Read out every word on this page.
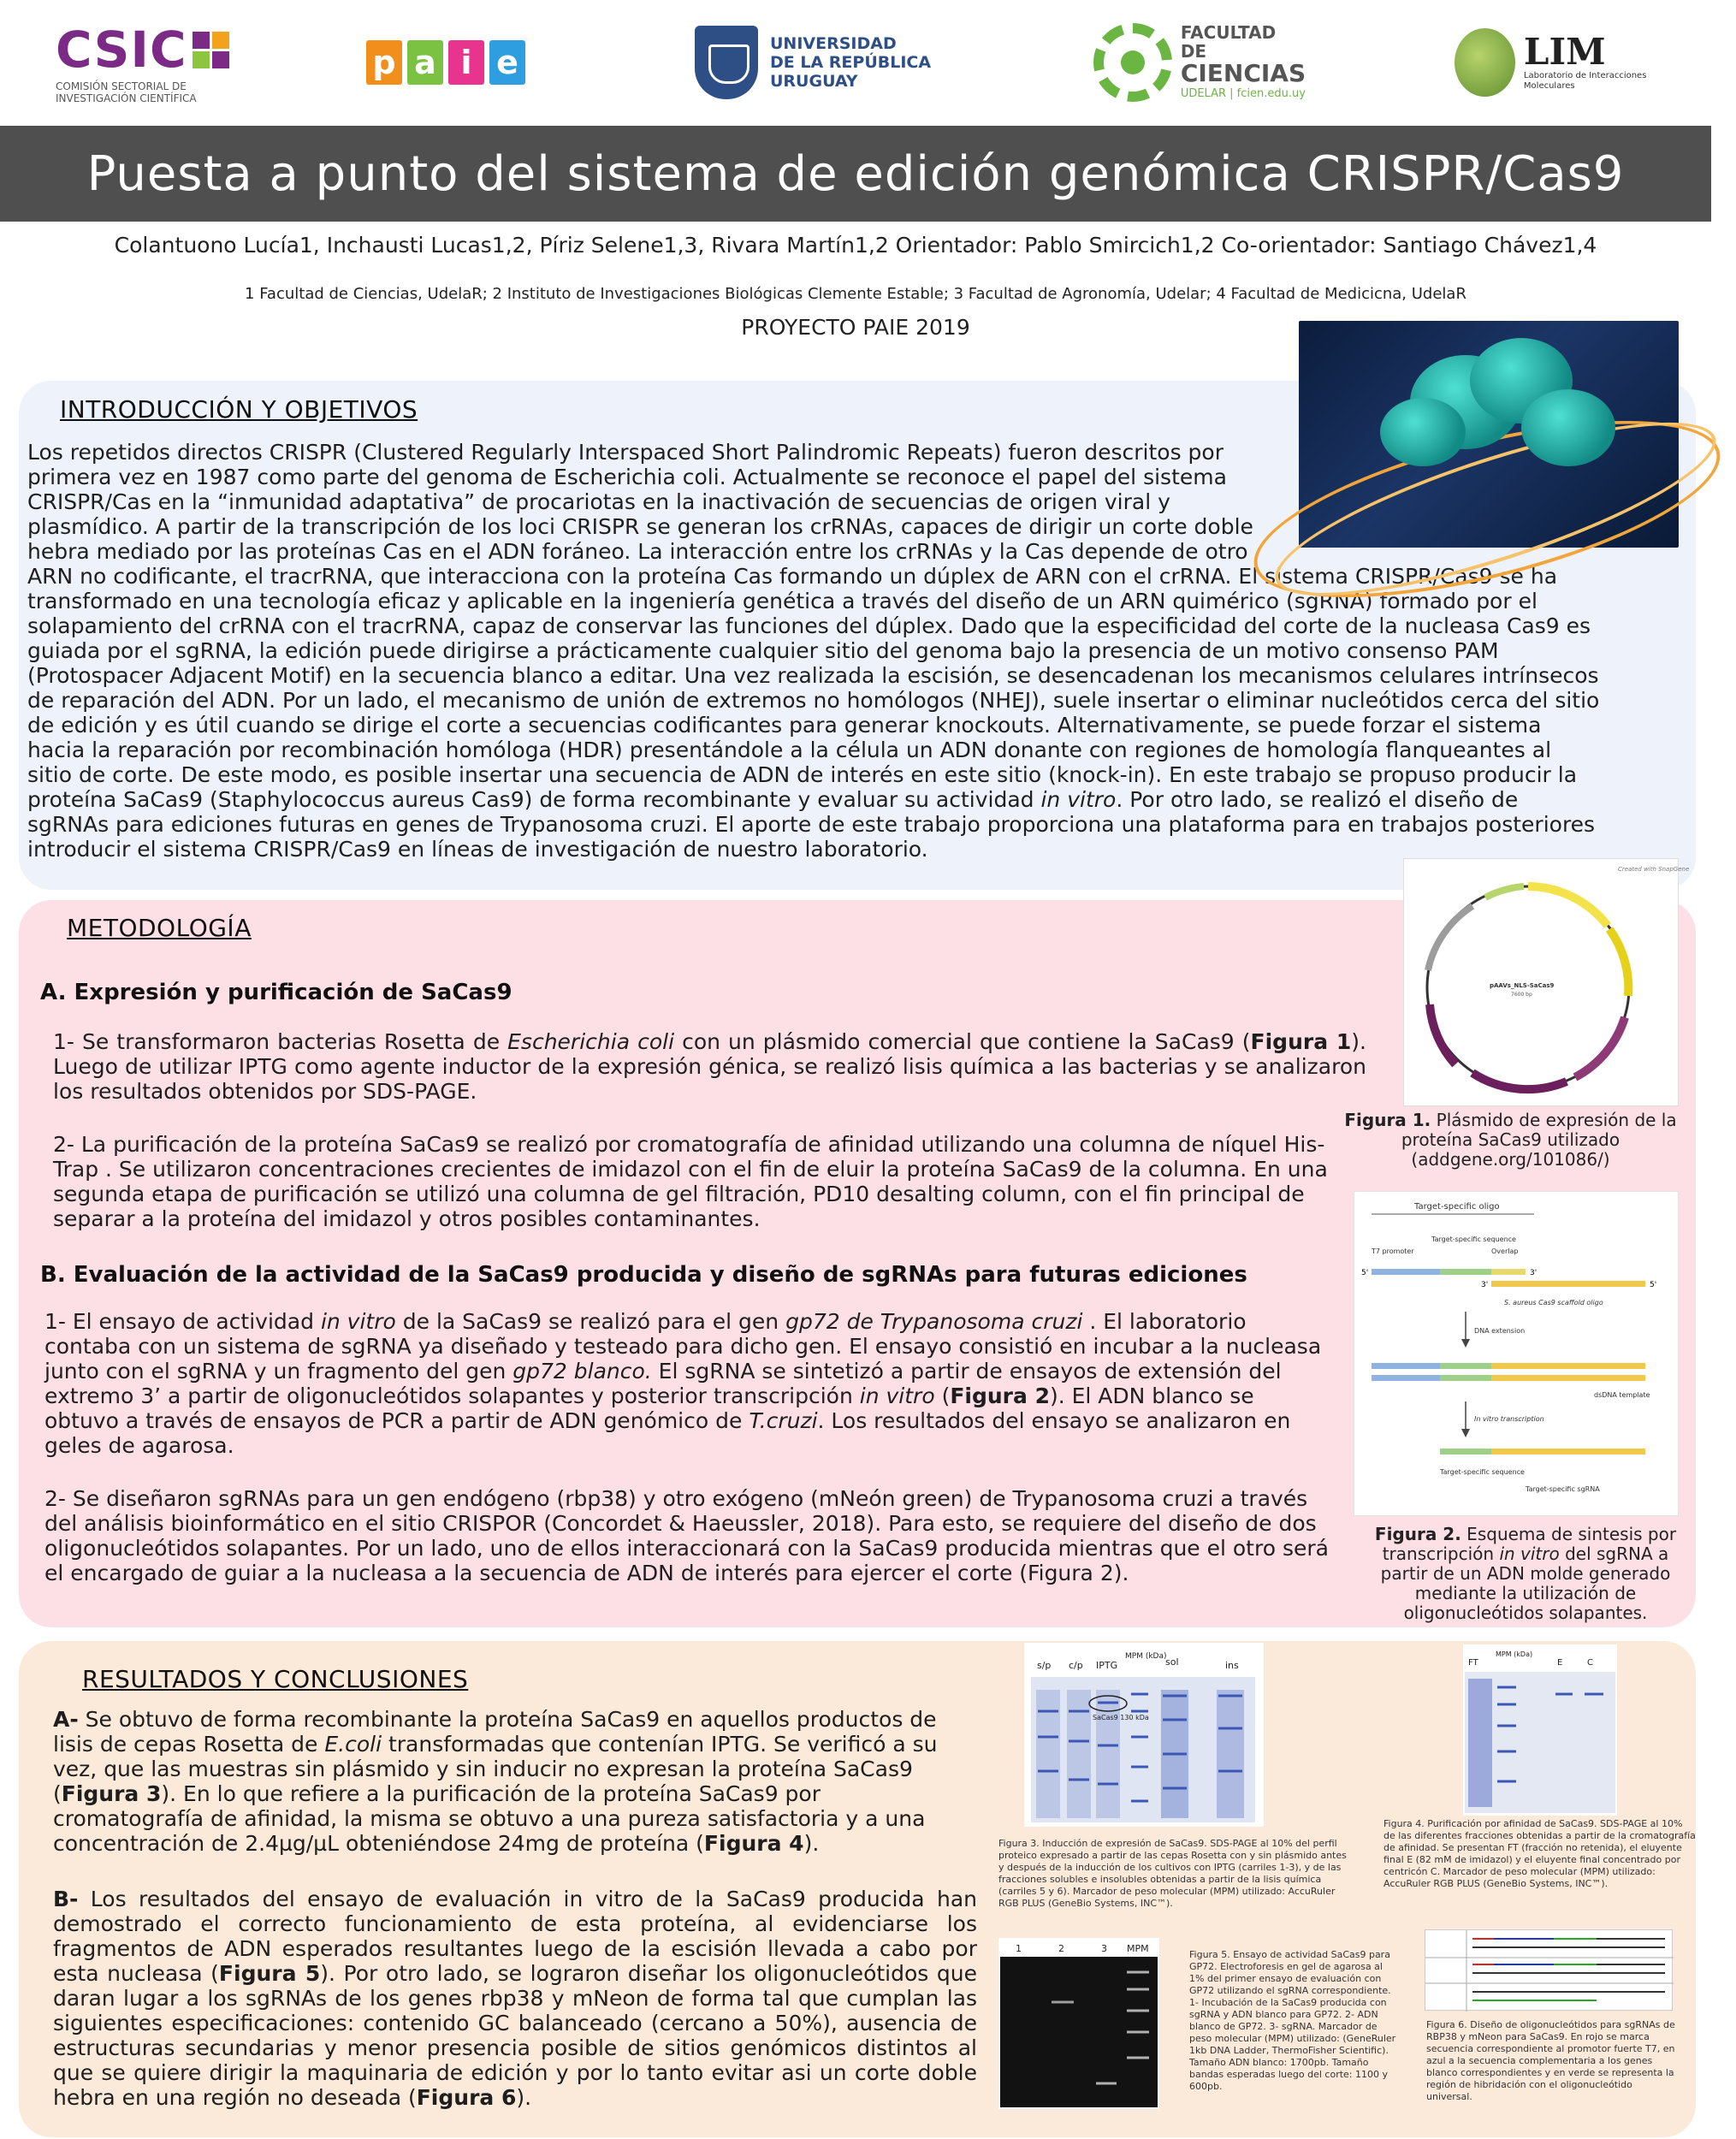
CSIC
COMISIÓN SECTORIAL DE INVESTIGACIÓN CIENTÍFICA
p a i e	UNIVERSIDAD
DE LA REPÚBLICA
URUGUAY
FACULTAD DE
CIENCIAS
UDELAR | fcien.edu.uy
LIM
Laboratorio de Interacciones Moleculares
Puesta a punto del sistema de edición genómica CRISPR/Cas9
Colantuono Lucía1, Inchausti Lucas1,2, Píriz Selene1,3, Rivara Martín1,2 Orientador: Pablo Smircich1,2 Co-orientador: Santiago Chávez1,4
1 Facultad de Ciencias, UdelaR; 2 Instituto de Investigaciones Biológicas Clemente Estable; 3 Facultad de Agronomía, Udelar; 4 Facultad de Medicicna, UdelaR
PROYECTO PAIE 2019
INTRODUCCIÓN Y OBJETIVOS
Los repetidos directos CRISPR (Clustered Regularly Interspaced Short Palindromic Repeats) fueron descritos por primera vez en 1987 como parte del genoma de Escherichia coli. Actualmente se reconoce el papel del sistema CRISPR/Cas en la “inmunidad adaptativa” de procariotas en la inactivación de secuencias de origen viral y plasmídico. A partir de la transcripción de los loci CRISPR se generan los crRNAs, capaces de dirigir un corte doble hebra mediado por las proteínas Cas en el ADN foráneo. La interacción entre los crRNAs y la Cas depende de otro
ARN no codificante, el tracrRNA, que interacciona con la proteína Cas formando un dúplex de ARN con el crRNA. El sistema CRISPR/Cas9 se ha transformado en una tecnología eficaz y aplicable en la ingeniería genética a través del diseño de un ARN quimérico (sgRNA) formado por el solapamiento del crRNA con el tracrRNA, capaz de conservar las funciones del dúplex. Dado que la especificidad del corte de la nucleasa Cas9 es guiada por el sgRNA, la edición puede dirigirse a prácticamente cualquier sitio del genoma bajo la presencia de un motivo consenso PAM (Protospacer Adjacent Motif) en la secuencia blanco a editar. Una vez realizada la escisión, se desencadenan los mecanismos celulares intrínsecos de reparación del ADN. Por un lado, el mecanismo de unión de extremos no homólogos (NHEJ), suele insertar o eliminar nucleótidos cerca del sitio de edición y es útil cuando se dirige el corte a secuencias codificantes para generar knockouts. Alternativamente, se puede forzar el sistema hacia la reparación por recombinación homóloga (HDR) presentándole a la célula un ADN donante con regiones de homología flanqueantes al sitio de corte. De este modo, es posible insertar una secuencia de ADN de interés en este sitio (knock-in). En este trabajo se propuso producir la proteína SaCas9 (Staphylococcus aureus Cas9) de forma recombinante y evaluar su actividad in vitro. Por otro lado, se realizó el diseño de sgRNAs para ediciones futuras en genes de Trypanosoma cruzi. El aporte de este trabajo proporciona una plataforma para en trabajos posteriores introducir el sistema CRISPR/Cas9 en líneas de investigación de nuestro laboratorio.
METODOLOGÍA
A. Expresión y purificación de SaCas9
1- Se transformaron bacterias Rosetta de Escherichia coli con un plásmido comercial que contiene la SaCas9 (Figura 1). Luego de utilizar IPTG como agente inductor de la expresión génica, se realizó lisis química a las bacterias y se analizaron los resultados obtenidos por SDS-PAGE.
2- La purificación de la proteína SaCas9 se realizó por cromatografía de afinidad utilizando una columna de níquel His-Trap . Se utilizaron concentraciones crecientes de imidazol con el fin de eluir la proteína SaCas9 de la columna. En una segunda etapa de purificación se utilizó una columna de gel filtración, PD10 desalting column, con el fin principal de separar a la proteína del imidazol y otros posibles contaminantes.
B. Evaluación de la actividad de la SaCas9 producida y diseño de sgRNAs para futuras ediciones
1- El ensayo de actividad in vitro de la SaCas9 se realizó para el gen gp72 de Trypanosoma cruzi . El laboratorio contaba con un sistema de sgRNA ya diseñado y testeado para dicho gen. El ensayo consistió en incubar a la nucleasa junto con el sgRNA y un fragmento del gen gp72 blanco. El sgRNA se sintetizó a partir de ensayos de extensión del extremo 3’ a partir de oligonucleótidos solapantes y posterior transcripción in vitro (Figura 2). El ADN blanco se obtuvo a través de ensayos de PCR a partir de ADN genómico de T.cruzi. Los resultados del ensayo se analizaron en geles de agarosa.
2- Se diseñaron sgRNAs para un gen endógeno (rbp38) y otro exógeno (mNeón green) de Trypanosoma cruzi a través del análisis bioinformático en el sitio CRISPOR (Concordet & Haeussler, 2018). Para esto, se requiere del diseño de dos oligonucleótidos solapantes. Por un lado, uno de ellos interaccionará con la SaCas9 producida mientras que el otro será el encargado de guiar a la nucleasa a la secuencia de ADN de interés para ejercer el corte (Figura 2).
Created with SnapGene
pAAVs_NLS-SaCas9
7600 bp
Figura 1. Plásmido de expresión de la proteína SaCas9 utilizado (addgene.org/101086/)
Target-specific oligo
T7 promoter
Target-specific sequence
Overlap
5'	3'
3'	5'
S. aureus Cas9 scaffold oligo
DNA extension
dsDNA template
In vitro transcription
Target-specific sequence
Target-specific sgRNA
Figura 2. Esquema de sintesis por transcripción in vitro del sgRNA a partir de un ADN molde generado mediante la utilización de oligonucleótidos solapantes.
RESULTADOS Y CONCLUSIONES
A- Se obtuvo de forma recombinante la proteína SaCas9 en aquellos productos de lisis de cepas Rosetta de E.coli transformadas que contenían IPTG. Se verificó a su vez, que las muestras sin plásmido y sin inducir no expresan la proteína SaCas9 (Figura 3). En lo que refiere a la purificación de la proteína SaCas9 por cromatografía de afinidad, la misma se obtuvo a una pureza satisfactoria y a una concentración de 2.4µg/µL obteniéndose 24mg de proteína (Figura 4).
B- Los resultados del ensayo de evaluación in vitro de la SaCas9 producida han demostrado el correcto funcionamiento de esta proteína, al evidenciarse los fragmentos de ADN esperados resultantes luego de la escisión llevada a cabo por esta nucleasa (Figura 5). Por otro lado, se lograron diseñar los oligonucleótidos que daran lugar a los sgRNAs de los genes rbp38 y mNeon de forma tal que cumplan las siguientes especificaciones: contenido GC balanceado (cercano a 50%), ausencia de estructuras secundarias y menor presencia posible de sitios genómicos distintos al que se quiere dirigir la maquinaria de edición y por lo tanto evitar asi un corte doble hebra en una región no deseada (Figura 6).
s/p c/p IPTG
MPM (kDa)
sol	ins
SaCas9 130 kDa
Figura 3. Inducción de expresión de SaCas9. SDS-PAGE al 10% del perfil proteico expresado a partir de las cepas Rosetta con y sin plásmido antes y después de la inducción de los cultivos con IPTG (carriles 1-3), y de las fracciones solubles e insolubles obtenidas a partir de la lisis química (carriles 5 y 6). Marcador de peso molecular (MPM) utilizado: AccuRuler RGB PLUS (GeneBio Systems, INC™).
FT
MPM (kDa)
E	C
Figura 4. Purificación por afinidad de SaCas9. SDS-PAGE al 10% de las diferentes fracciones obtenidas a partir de la cromatografía de afinidad. Se presentan FT (fracción no retenida), el eluyente final E (82 mM de imidazol) y el eluyente final concentrado por centricón C. Marcador de peso molecular (MPM) utilizado: AccuRuler RGB PLUS (GeneBio Systems, INC™).
1	2	3 MPM
Figura 5. Ensayo de actividad SaCas9 para GP72. Electroforesis en gel de agarosa al 1% del primer ensayo de evaluación con GP72 utilizando el sgRNA correspondiente. 1- Incubación de la SaCas9 producida con sgRNA y ADN blanco para GP72. 2- ADN blanco de GP72. 3- sgRNA. Marcador de peso molecular (MPM) utilizado: (GeneRuler 1kb DNA Ladder, ThermoFisher Scientific). Tamaño ADN blanco: 1700pb. Tamaño bandas esperadas luego del corte: 1100 y 600pb.
Figura 6. Diseño de oligonucleótidos para sgRNAs de RBP38 y mNeon para SaCas9. En rojo se marca secuencia correspondiente al promotor fuerte T7, en azul a la secuencia complementaria a los genes blanco correspondientes y en verde se representa la región de hibridación con el oligonucleótido universal.
